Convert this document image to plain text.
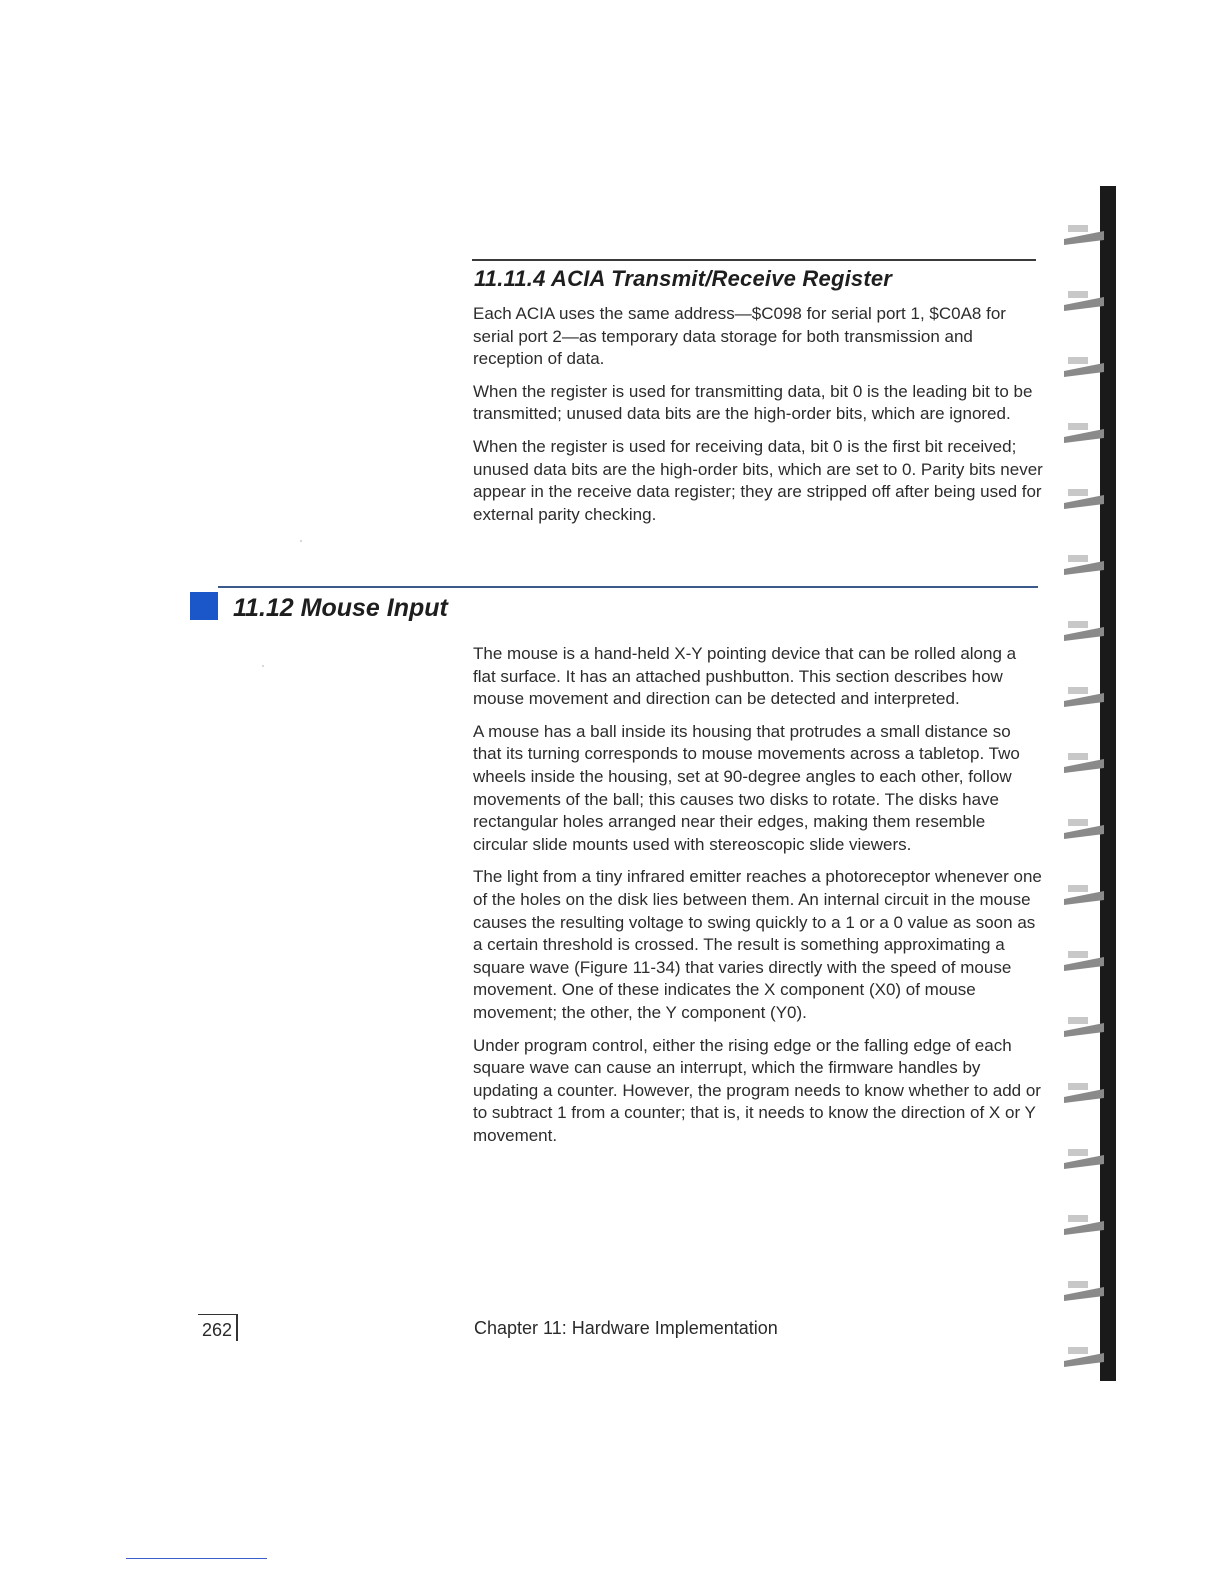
11.11.4 ACIA Transmit/Receive Register

Each ACIA uses the same address—$C098 for serial port 1, $C0A8 for serial port 2—as temporary data storage for both transmission and reception of data.

When the register is used for transmitting data, bit 0 is the leading bit to be transmitted; unused data bits are the high-order bits, which are ignored.

When the register is used for receiving data, bit 0 is the first bit received; unused data bits are the high-order bits, which are set to 0. Parity bits never appear in the receive data register; they are stripped off after being used for external parity checking.

11.12 Mouse Input

The mouse is a hand-held X-Y pointing device that can be rolled along a flat surface. It has an attached pushbutton. This section describes how mouse movement and direction can be detected and interpreted.

A mouse has a ball inside its housing that protrudes a small distance so that its turning corresponds to mouse movements across a tabletop. Two wheels inside the housing, set at 90-degree angles to each other, follow movements of the ball; this causes two disks to rotate. The disks have rectangular holes arranged near their edges, making them resemble circular slide mounts used with stereoscopic slide viewers.

The light from a tiny infrared emitter reaches a photoreceptor whenever one of the holes on the disk lies between them. An internal circuit in the mouse causes the resulting voltage to swing quickly to a 1 or a 0 value as soon as a certain threshold is crossed. The result is something approximating a square wave (Figure 11-34) that varies directly with the speed of mouse movement. One of these indicates the X component (X0) of mouse movement; the other, the Y component (Y0).

Under program control, either the rising edge or the falling edge of each square wave can cause an interrupt, which the firmware handles by updating a counter. However, the program needs to know whether to add or to subtract 1 from a counter; that is, it needs to know the direction of X or Y movement.

262	Chapter 11: Hardware Implementation
